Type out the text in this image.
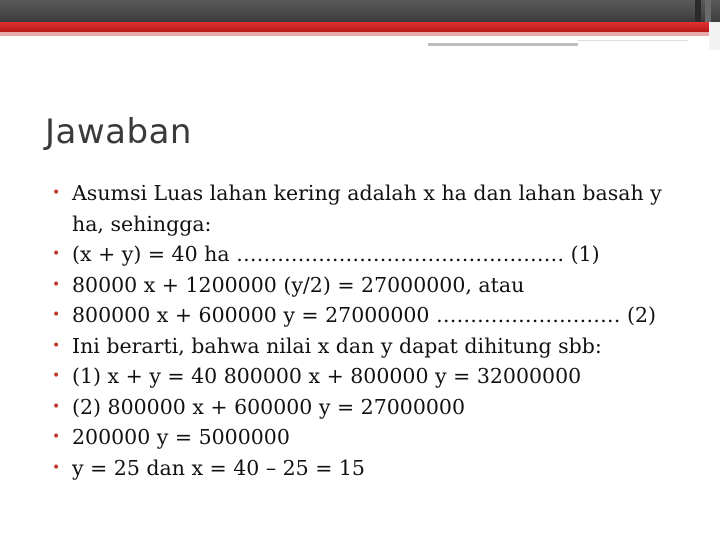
Jawaban
• Asumsi Luas lahan kering adalah x ha dan lahan basah y ha, sehingga:
• (x + y) = 40 ha ………………………………………… (1)
• 80000 x + 1200000 (y/2) = 27000000, atau
• 800000 x + 600000 y = 27000000 ……………………… (2)
• Ini berarti, bahwa nilai x dan y dapat dihitung sbb:
• (1) x + y = 40 800000 x + 800000 y = 32000000
• (2) 800000 x + 600000 y = 27000000
• 200000 y = 5000000
• y = 25 dan x = 40 – 25 = 15
